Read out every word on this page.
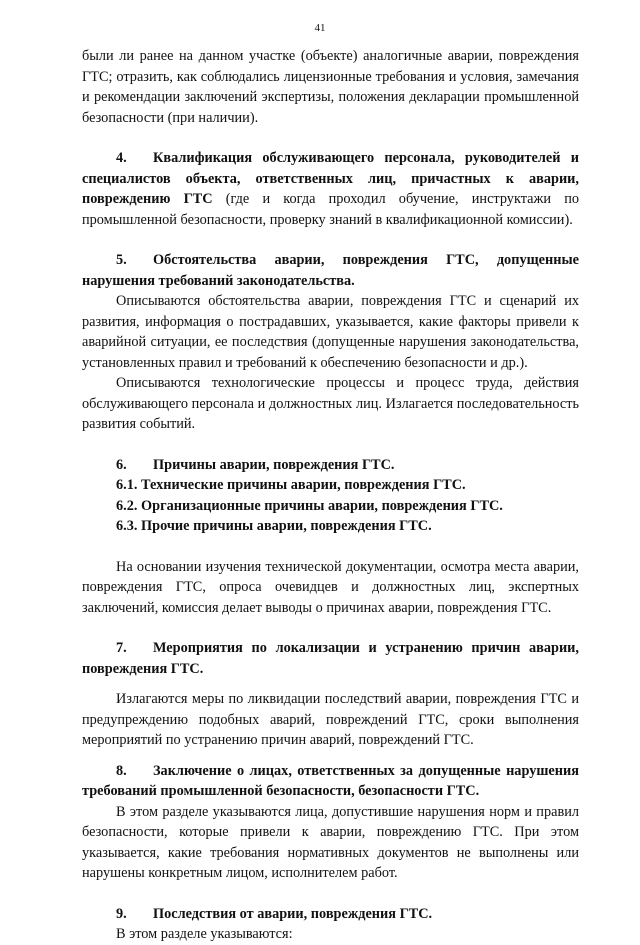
41

были ли ранее на данном участке (объекте) аналогичные аварии, повреждения ГТС; отразить, как соблюдались лицензионные требования и условия, замечания и рекомендации заключений экспертизы, положения декларации промышленной безопасности (при наличии).

4. Квалификация обслуживающего персонала, руководителей и специалистов объекта, ответственных лиц, причастных к аварии, повреждению ГТС (где и когда проходил обучение, инструктажи по промышленной безопасности, проверку знаний в квалификационной комиссии).

5. Обстоятельства аварии, повреждения ГТС, допущенные нарушения требований законодательства.

Описываются обстоятельства аварии, повреждения ГТС и сценарий их развития, информация о пострадавших, указывается, какие факторы привели к аварийной ситуации, ее последствия (допущенные нарушения законодательства, установленных правил и требований к обеспечению безопасности и др.).

Описываются технологические процессы и процесс труда, действия обслуживающего персонала и должностных лиц. Излагается последовательность развития событий.

6. Причины аварии, повреждения ГТС.

6.1. Технические причины аварии, повреждения ГТС.

6.2. Организационные причины аварии, повреждения ГТС.

6.3. Прочие причины аварии, повреждения ГТС.

На основании изучения технической документации, осмотра места аварии, повреждения ГТС, опроса очевидцев и должностных лиц, экспертных заключений, комиссия делает выводы о причинах аварии, повреждения ГТС.

7. Мероприятия по локализации и устранению причин аварии, повреждения ГТС.

Излагаются меры по ликвидации последствий аварии, повреждения ГТС и предупреждению подобных аварий, повреждений ГТС, сроки выполнения мероприятий по устранению причин аварий, повреждений ГТС.

8. Заключение о лицах, ответственных за допущенные нарушения требований промышленной безопасности, безопасности ГТС.

В этом разделе указываются лица, допустившие нарушения норм и правил безопасности, которые привели к аварии, повреждению ГТС. При этом указывается, какие требования нормативных документов не выполнены или нарушены конкретным лицом, исполнителем работ.

9. Последствия от аварии, повреждения ГТС.

В этом разделе указываются:
